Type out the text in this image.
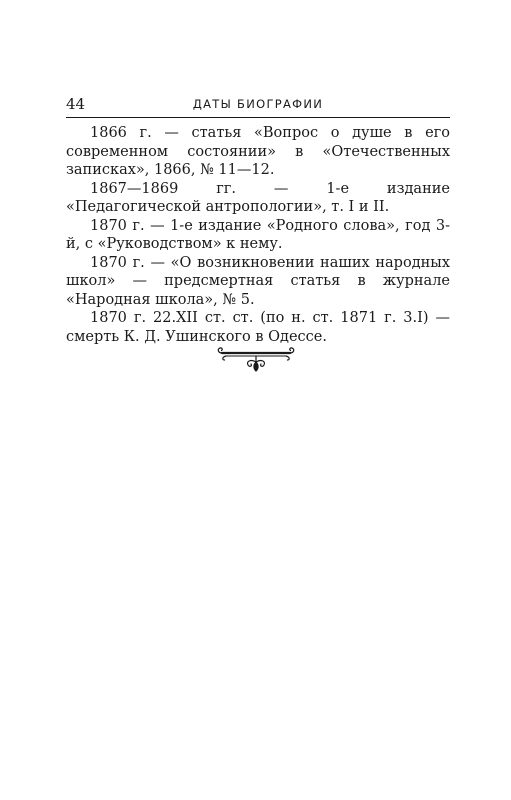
44	ДАТЫ БИОГРАФИИ

1866 г. — статья «Вопрос о душе в его современном состоянии» в «Отечественных записках», 1866, № 11—12.

1867—1869 гг. — 1-е издание «Педагогической антропологии», т. I и II.

1870 г. — 1-е издание «Родного слова», год 3-й, с «Руководством» к нему.

1870 г. — «О возникновении наших народных школ» — предсмертная статья в журнале «Народная школа», № 5.

1870 г. 22.XII ст. ст. (по н. ст. 1871 г. 3.I) — смерть К. Д. Ушинского в Одессе.
